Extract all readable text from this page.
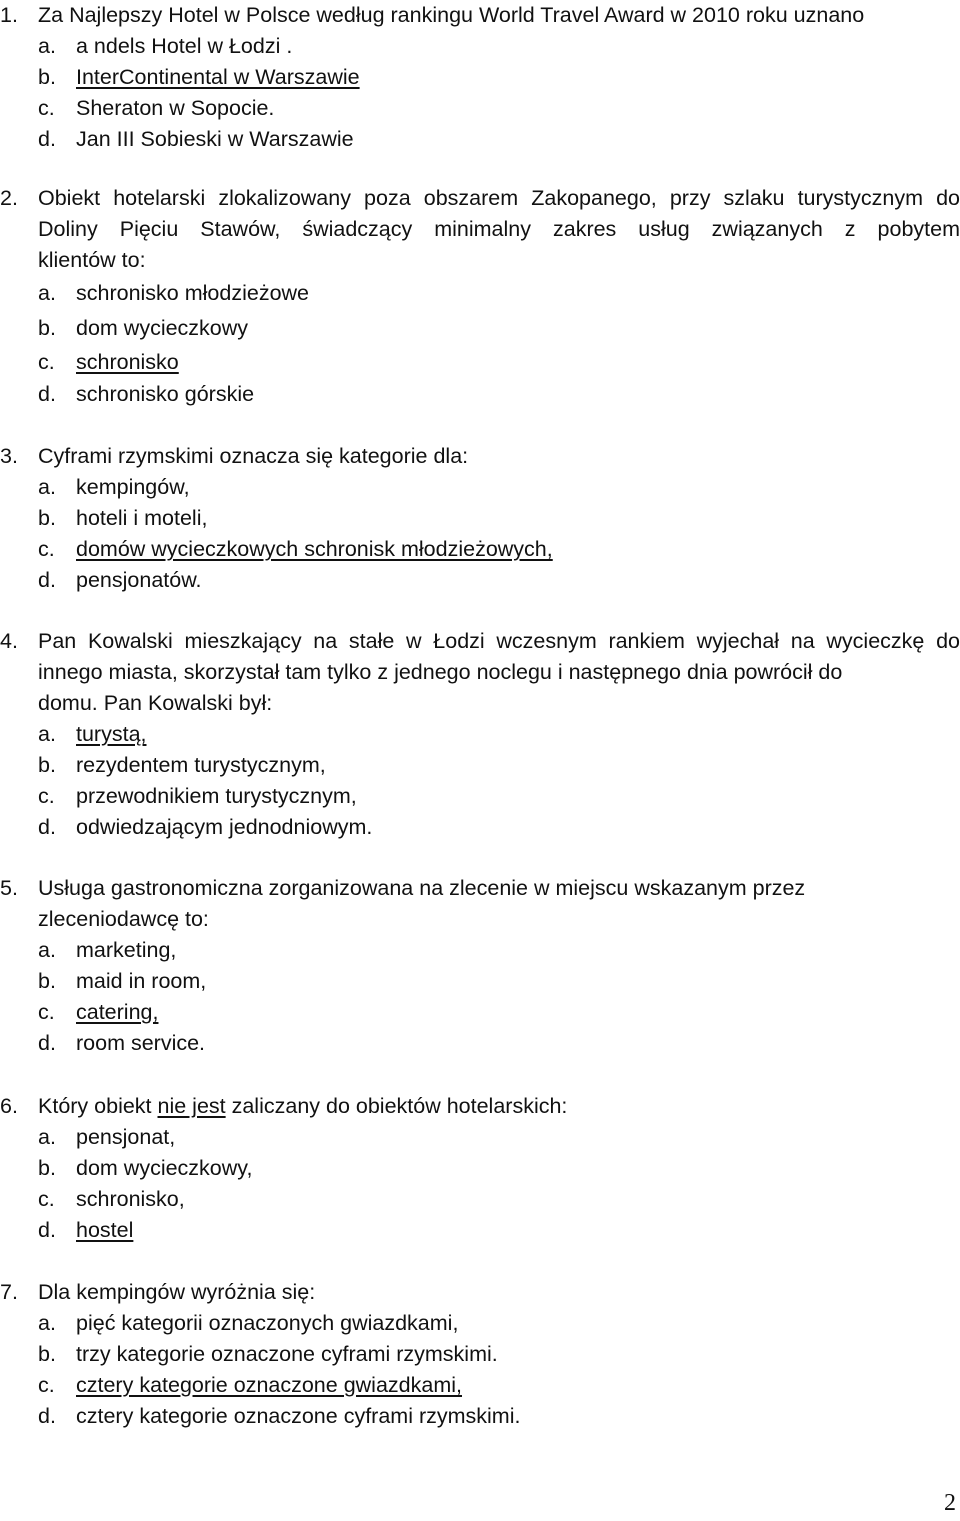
1. Za Najlepszy Hotel w Polsce według rankingu World Travel Award w 2010 roku uznano
a. a ndels Hotel w Łodzi .
b. InterContinental w Warszawie
c. Sheraton w Sopocie.
d. Jan III Sobieski w Warszawie
2. Obiekt hotelarski zlokalizowany poza obszarem Zakopanego, przy szlaku turystycznym do
Doliny Pięciu Stawów, świadczący minimalny zakres usług związanych z pobytem
klientów to:
a. schronisko młodzieżowe
b. dom wycieczkowy
c. schronisko
d. schronisko górskie
3. Cyframi rzymskimi oznacza się kategorie dla:
a. kempingów,
b. hoteli i moteli,
c. domów wycieczkowych schronisk młodzieżowych,
d. pensjonatów.
4. Pan Kowalski mieszkający na stałe w Łodzi wczesnym rankiem wyjechał na wycieczkę do
innego miasta, skorzystał tam tylko z jednego noclegu i następnego dnia powrócił do
domu. Pan Kowalski był:
a. turystą,
b. rezydentem turystycznym,
c. przewodnikiem turystycznym,
d. odwiedzającym jednodniowym.
5. Usługa gastronomiczna zorganizowana na zlecenie w miejscu wskazanym przez
zleceniodawcę to:
a. marketing,
b. maid in room,
c. catering,
d. room service.
6. Który obiekt nie jest zaliczany do obiektów hotelarskich:
a. pensjonat,
b. dom wycieczkowy,
c. schronisko,
d. hostel
7. Dla kempingów wyróżnia się:
a. pięć kategorii oznaczonych gwiazdkami,
b. trzy kategorie oznaczone cyframi rzymskimi.
c. cztery kategorie oznaczone gwiazdkami,
d. cztery kategorie oznaczone cyframi rzymskimi.
2
